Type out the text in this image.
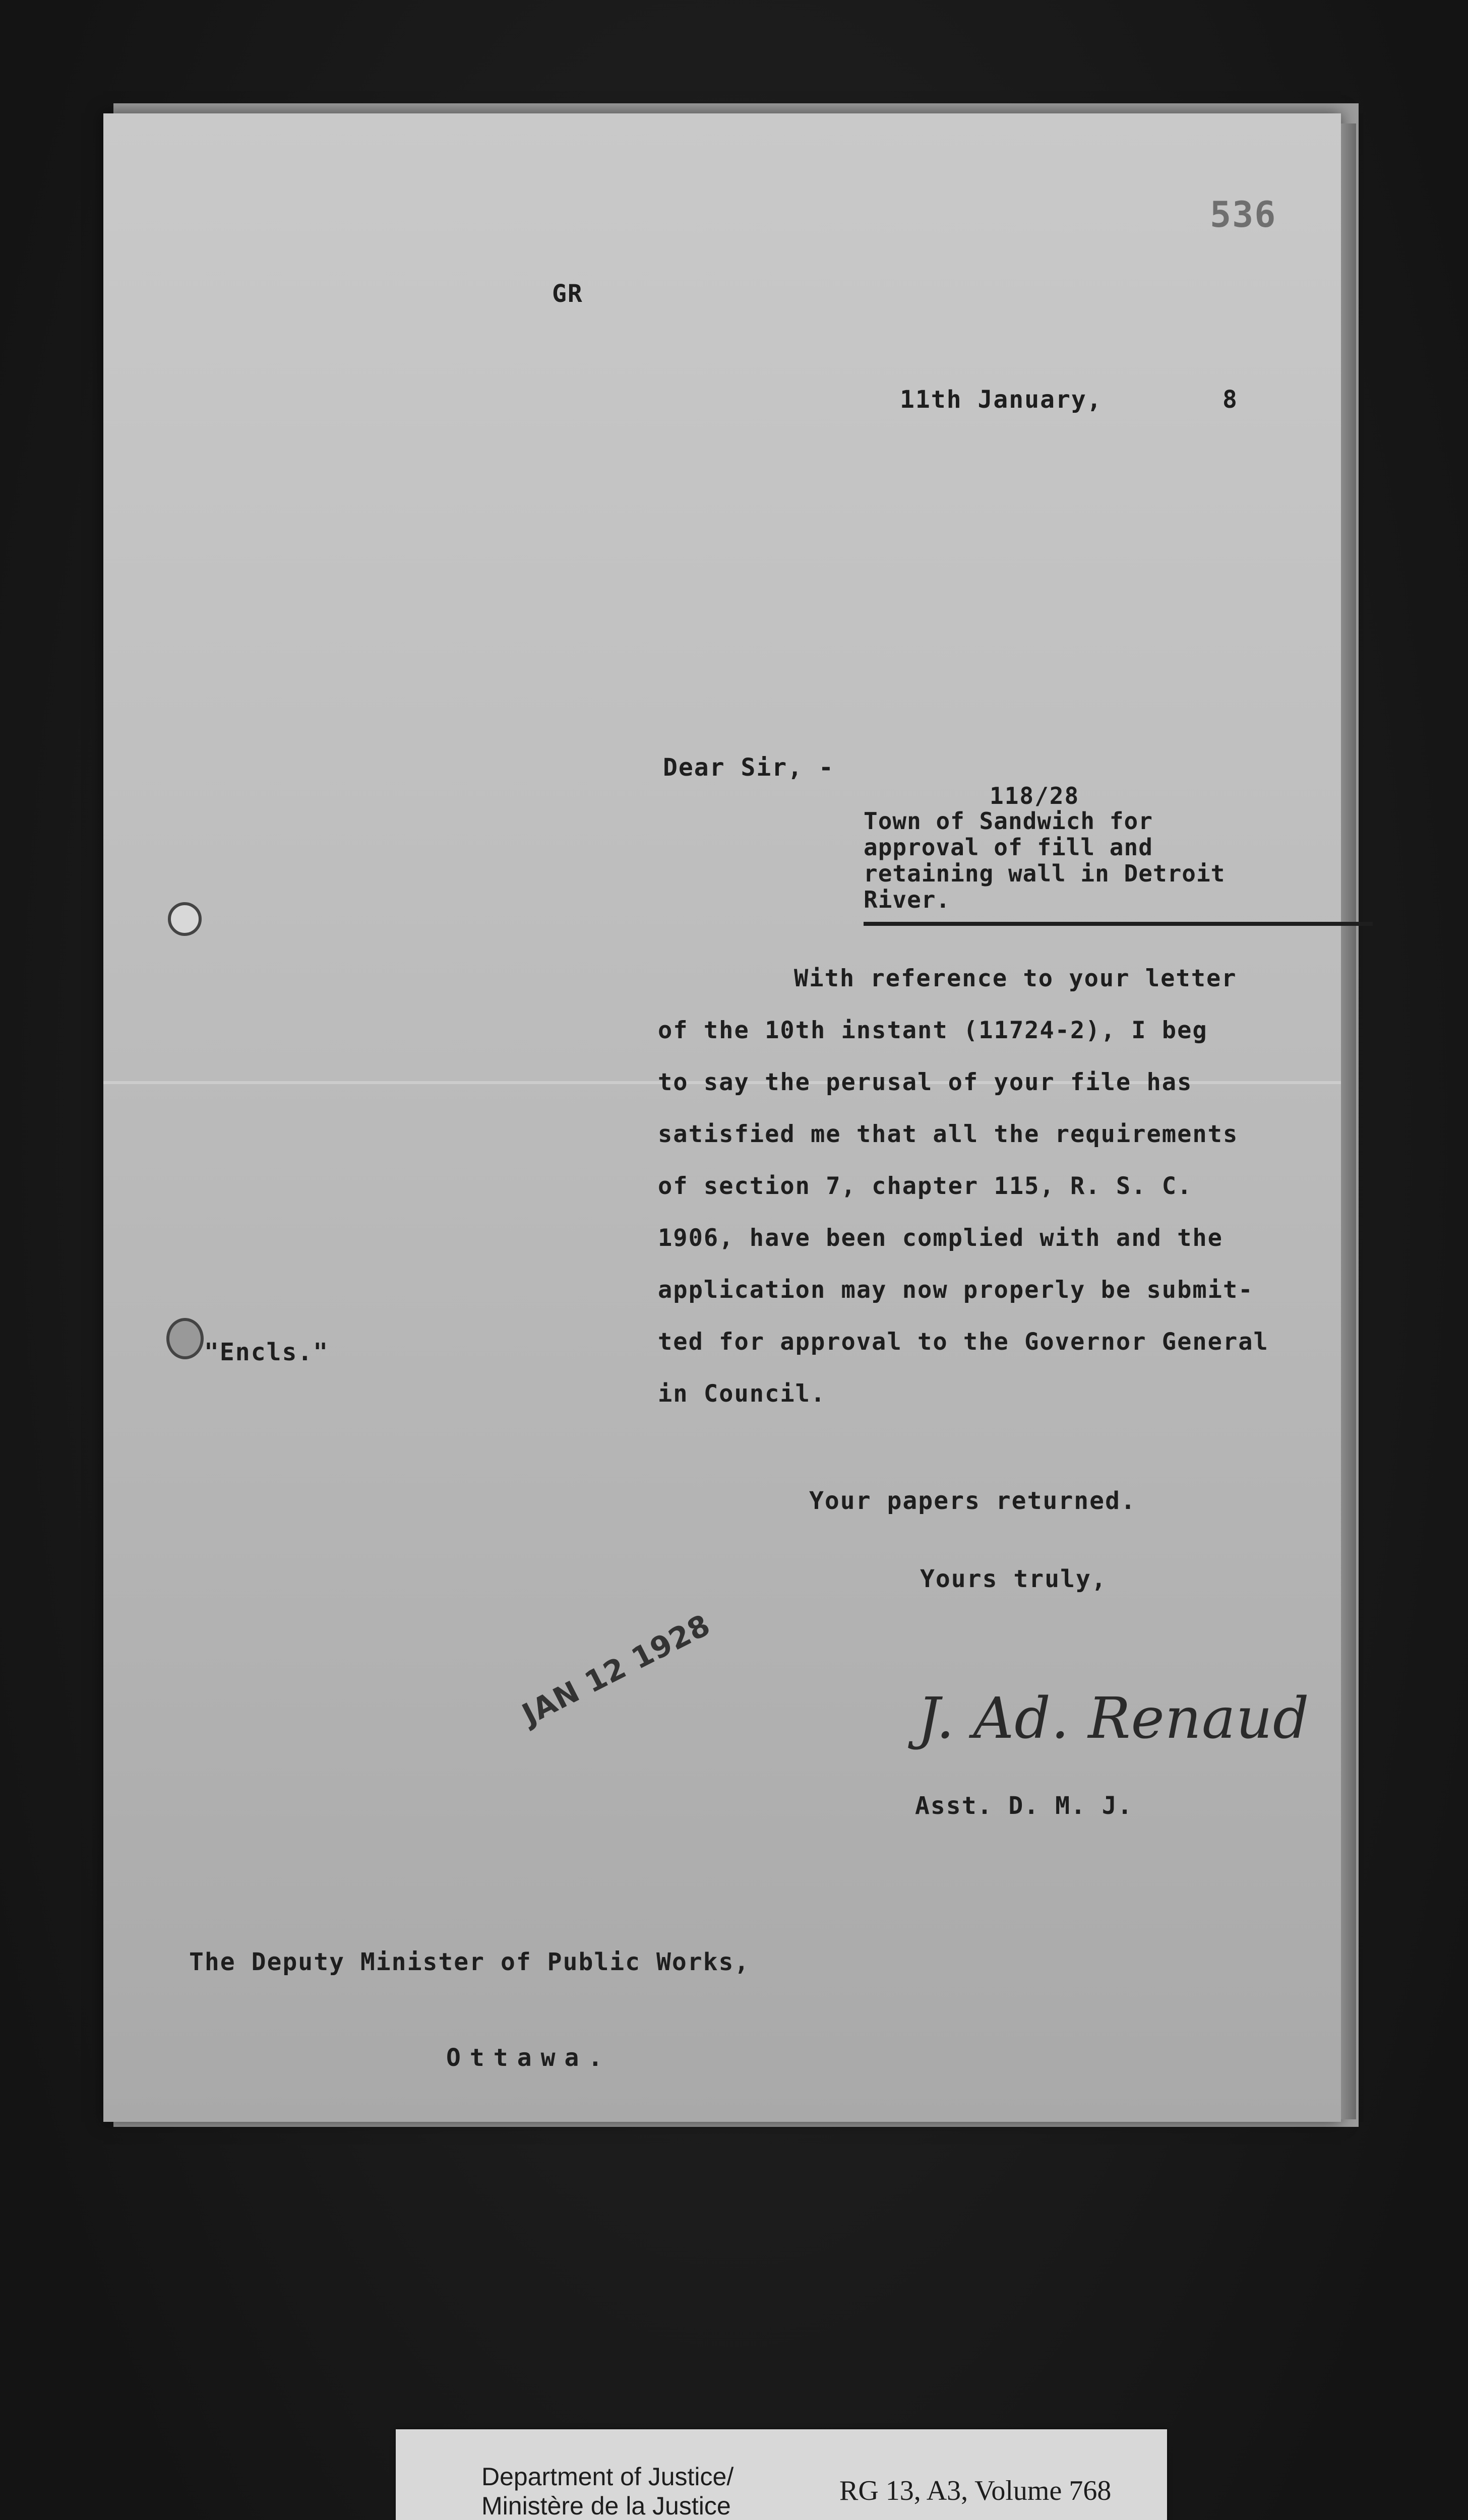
536
GR
11th January,	8
Dear Sir, -
118/28
Town of Sandwich for
approval of fill and
retaining wall in Detroit
River.
With reference to your letter
of the 10th instant (11724-2), I beg
to say the perusal of your file has
satisfied me that all the requirements
of section 7, chapter 115, R. S. C.
1906, have been complied with and the
application may now properly be submit-
ted for approval to the Governor General
in Council.
"Encls."
Your papers returned.
Yours truly,
J. Ad. Renaud
Asst. D. M. J.
JAN 12 1928
The Deputy Minister of Public Works,
Ottawa.
Department of Justice/
Ministère de la Justice	RG 13, A3, Volume 768
